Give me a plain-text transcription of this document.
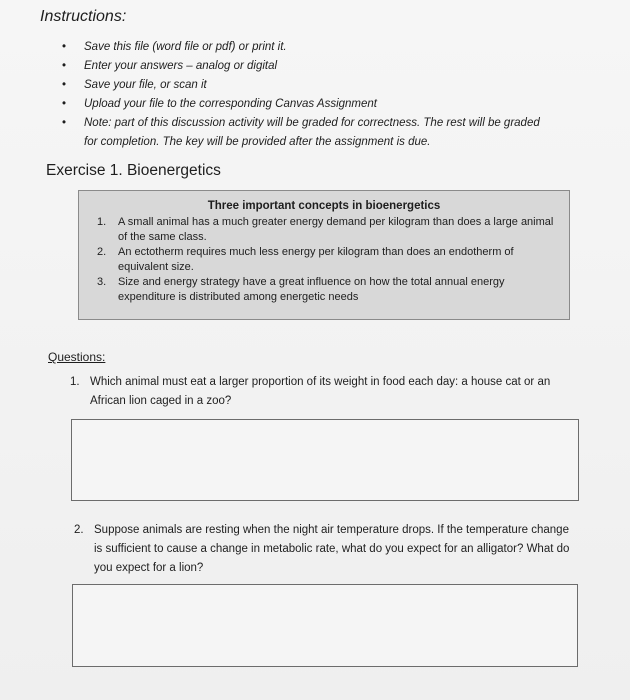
Instructions:
• Save this file (word file or pdf) or print it.
• Enter your answers – analog or digital
• Save your file, or scan it
• Upload your file to the corresponding Canvas Assignment
• Note: part of this discussion activity will be graded for correctness. The rest will be graded for completion. The key will be provided after the assignment is due.
Exercise 1. Bioenergetics
Three important concepts in bioenergetics
1.	A small animal has a much greater energy demand per kilogram than does a large animal of the same class.
2.	An ectotherm requires much less energy per kilogram than does an endotherm of equivalent size.
3.	Size and energy strategy have a great influence on how the total annual energy expenditure is distributed among energetic needs
Questions:
1. Which animal must eat a larger proportion of its weight in food each day: a house cat or an African lion caged in a zoo?
2. Suppose animals are resting when the night air temperature drops. If the temperature change is sufficient to cause a change in metabolic rate, what do you expect for an alligator? What do you expect for a lion?
